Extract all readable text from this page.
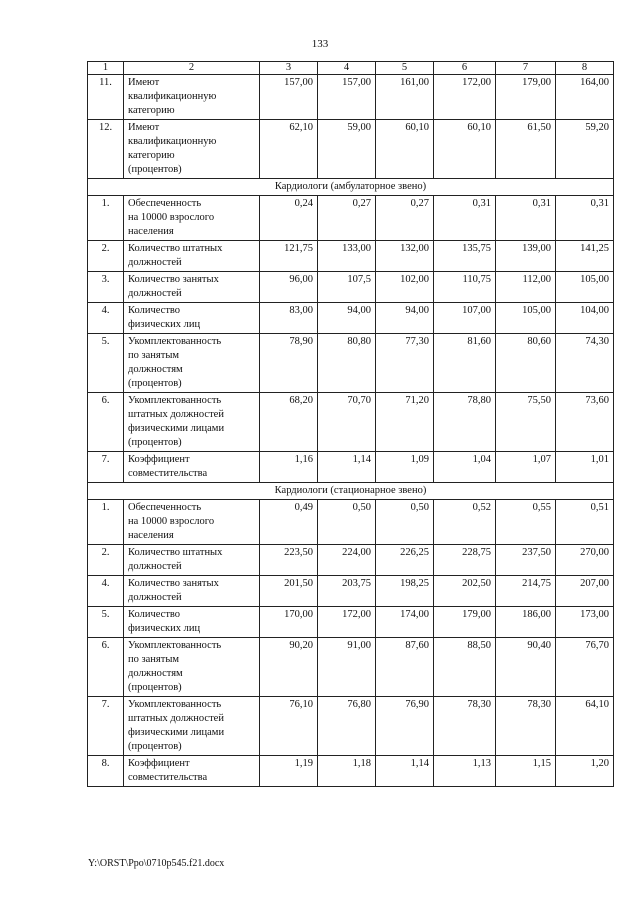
133
1	2	3	4	5	6	7	8
11.	Имеют
квалификационную
категорию	157,00	157,00	161,00	172,00	179,00	164,00
12.	Имеют
квалификационную
категорию
(процентов)	62,10	59,00	60,10	60,10	61,50	59,20
Кардиологи (амбулаторное звено)							
1.	Обеспеченность
на 10000 взрослого
населения	0,24	0,27	0,27	0,31	0,31	0,31
2.	Количество штатных
должностей	121,75	133,00	132,00	135,75	139,00	141,25
3.	Количество занятых
должностей	96,00	107,5	102,00	110,75	112,00	105,00
4.	Количество
физических лиц	83,00	94,00	94,00	107,00	105,00	104,00
5.	Укомплектованность
по занятым
должностям
(процентов)	78,90	80,80	77,30	81,60	80,60	74,30
6.	Укомплектованность
штатных должностей
физическими лицами
(процентов)	68,20	70,70	71,20	78,80	75,50	73,60
7.	Коэффициент
совместительства	1,16	1,14	1,09	1,04	1,07	1,01
Кардиологи (стационарное звено)							
1.	Обеспеченность
на 10000 взрослого
населения	0,49	0,50	0,50	0,52	0,55	0,51
2.	Количество штатных
должностей	223,50	224,00	226,25	228,75	237,50	270,00
4.	Количество занятых
должностей	201,50	203,75	198,25	202,50	214,75	207,00
5.	Количество
физических лиц	170,00	172,00	174,00	179,00	186,00	173,00
6.	Укомплектованность
по занятым
должностям
(процентов)	90,20	91,00	87,60	88,50	90,40	76,70
7.	Укомплектованность
штатных должностей
физическими лицами
(процентов)	76,10	76,80	76,90	78,30	78,30	64,10
8.	Коэффициент
совместительства	1,19	1,18	1,14	1,13	1,15	1,20
Y:\ORST\Ppo\0710p545.f21.docx
